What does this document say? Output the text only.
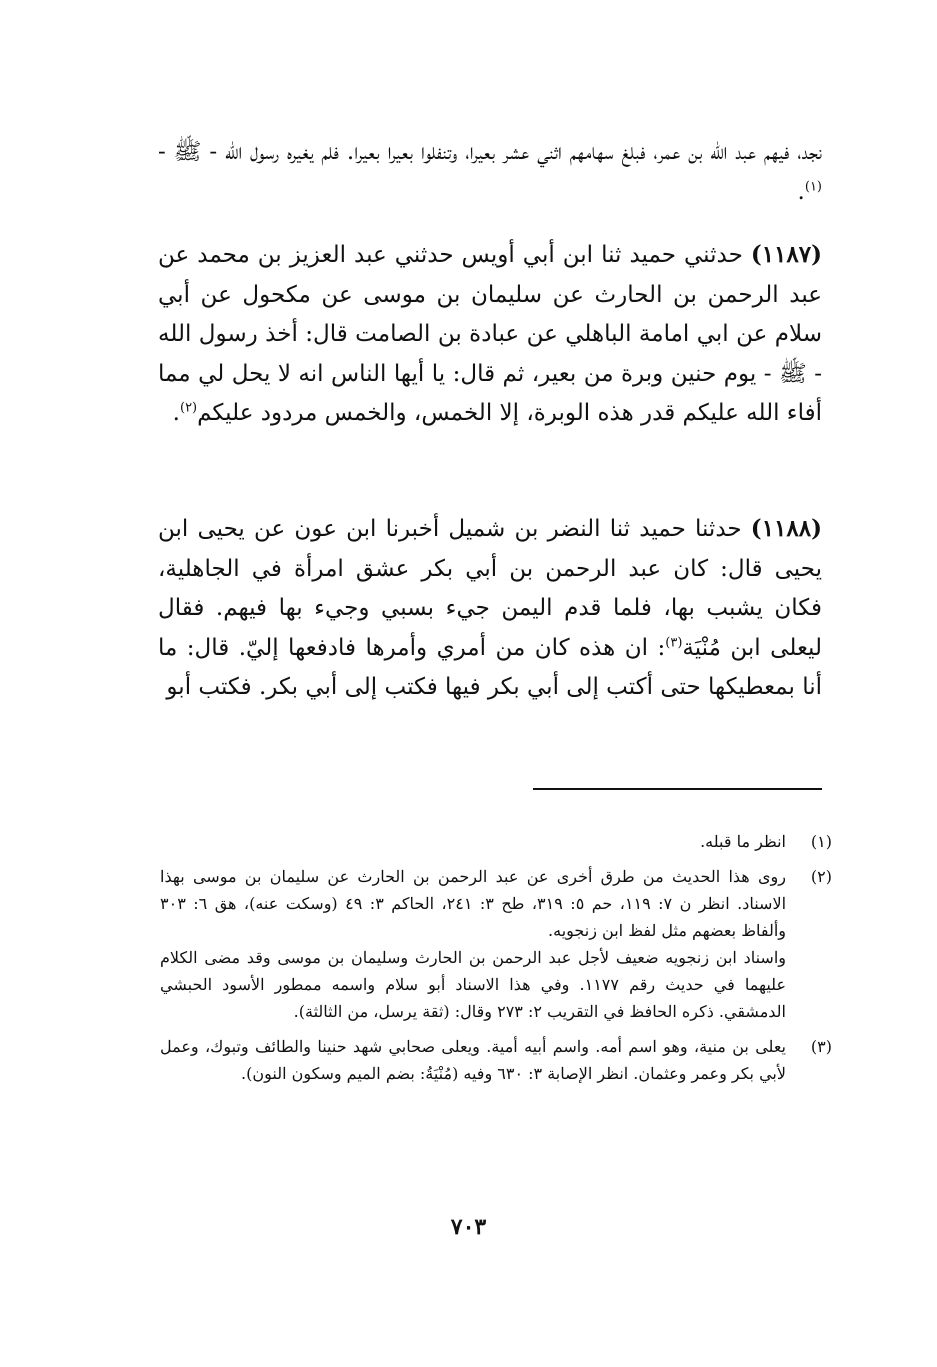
نجد، فيهم عبد الله بن عمر، فبلغ سهامهم اثني عشر بعيرا، وتنفلوا بعيرا بعيرا. فلم يغيره رسول الله - ﷺ -$^{(١)}$.

(١١٨٧) حدثني حميد ثنا ابن أبي أويس حدثني عبد العزيز بن محمد عن عبد الرحمن بن الحارث عن سليمان بن موسى عن مكحول عن أبي سلام عن ابي امامة الباهلي عن عبادة بن الصامت قال: أخذ رسول الله - ﷺ - يوم حنين وبرة من بعير، ثم قال: يا أيها الناس انه لا يحل لي مما أفاء الله عليكم قدر هذه الوبرة، إلا الخمس، والخمس مردود عليكم$^{(٢)}$.

(١١٨٨) حدثنا حميد ثنا النضر بن شميل أخبرنا ابن عون عن يحيى ابن يحيى قال: كان عبد الرحمن بن أبي بكر عشق امرأة في الجاهلية، فكان يشبب بها، فلما قدم اليمن جيء بسبي وجيء بها فيهم. فقال ليعلى ابن مُنْيَة$^{(٣)}$: ان هذه كان من أمري وأمرها فادفعها إليّ. قال: ما أنا بمعطيكها حتى أكتب إلى أبي بكر فيها فكتب إلى أبي بكر. فكتب أبو

(١)

انظر ما قبله.

(٢)

روى هذا الحديث من طرق أخرى عن عبد الرحمن بن الحارث عن سليمان بن موسى بهذا الاسناد. انظر ن ٧: ١١٩، حم ٥: ٣١٩، طح ٣: ٢٤١، الحاكم ٣: ٤٩ (وسكت عنه)، هق ٦: ٣٠٣ وألفاظ بعضهم مثل لفظ ابن زنجويه.

واسناد ابن زنجويه ضعيف لأجل عبد الرحمن بن الحارث وسليمان بن موسى وقد مضى الكلام عليهما في حديث رقم ١١٧٧. وفي هذا الاسناد أبو سلام واسمه ممطور الأسود الحبشي الدمشقي. ذكره الحافظ في التقريب ٢: ٢٧٣ وقال: (ثقة يرسل، من الثالثة).

(٣)

يعلى بن منية، وهو اسم أمه. واسم أبيه أمية. ويعلى صحابي شهد حنينا والطائف وتبوك، وعمل لأبي بكر وعمر وعثمان. انظر الإصابة ٣: ٦٣٠ وفيه (مُنْيَةُ: بضم الميم وسكون النون).

٧٠٣
